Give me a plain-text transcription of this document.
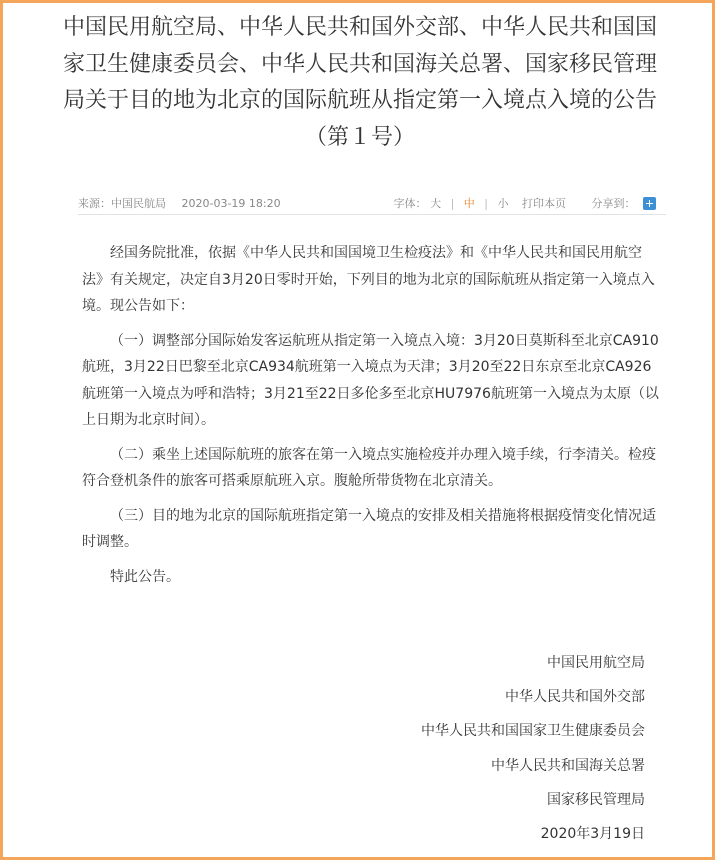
中国民用航空局、中华人民共和国外交部、中华人民共和国国家卫生健康委员会、中华人民共和国海关总署、国家移民管理局关于目的地为北京的国际航班从指定第一入境点入境的公告（第１号）
来源：中国民航局 2020-03-19 18:20	字体： 大 | 中 | 小 打印本页 分享到：

经国务院批准，依据《中华人民共和国国境卫生检疫法》和《中华人民共和国民用航空法》有关规定，决定自3月20日零时开始，下列目的地为北京的国际航班从指定第一入境点入境。现公告如下：

（一）调整部分国际始发客运航班从指定第一入境点入境：3月20日莫斯科至北京CA910航班，3月22日巴黎至北京CA934航班第一入境点为天津；3月20至22日东京至北京CA926航班第一入境点为呼和浩特；3月21至22日多伦多至北京HU7976航班第一入境点为太原（以上日期为北京时间）。

（二）乘坐上述国际航班的旅客在第一入境点实施检疫并办理入境手续，行李清关。检疫符合登机条件的旅客可搭乘原航班入京。腹舱所带货物在北京清关。

（三）目的地为北京的国际航班指定第一入境点的安排及相关措施将根据疫情变化情况适时调整。

特此公告。

中国民用航空局
中华人民共和国外交部
中华人民共和国国家卫生健康委员会
中华人民共和国海关总署
国家移民管理局
2020年3月19日
